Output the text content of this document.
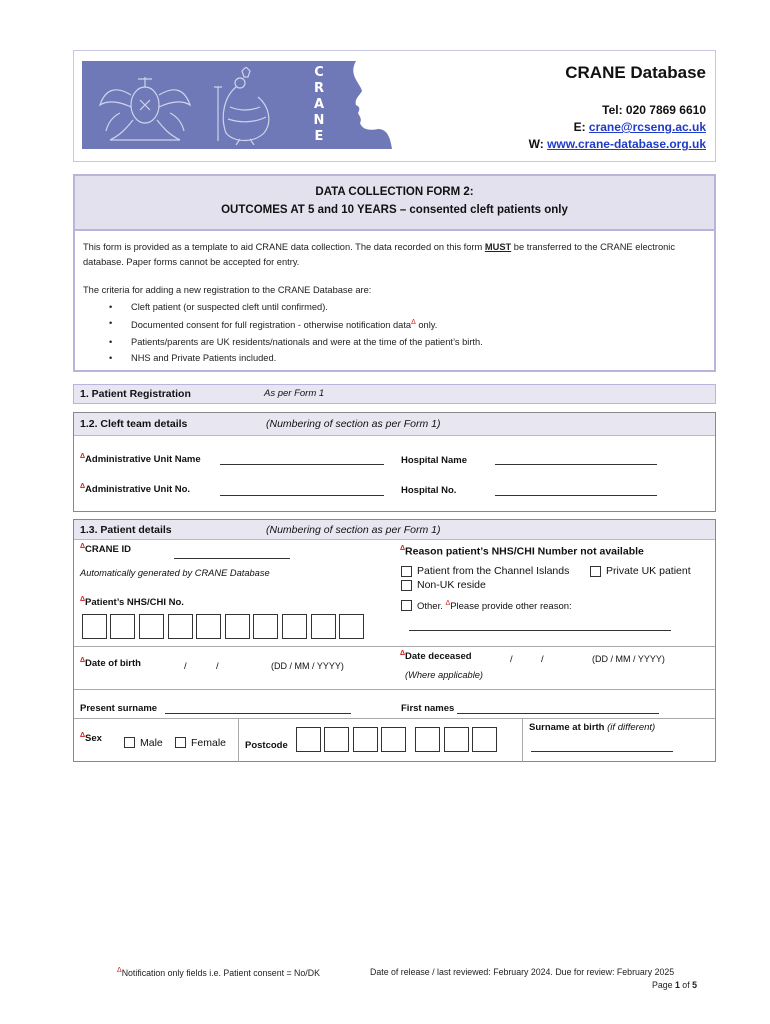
C
R
A
N
E
CRANE Database
Tel: 020 7869 6610
E: crane@rcseng.ac.uk
W: www.crane-database.org.uk
DATA COLLECTION FORM 2:
OUTCOMES AT 5 and 10 YEARS – consented cleft patients only

This form is provided as a template to aid CRANE data collection. The data recorded on this form MUST be transferred to the CRANE electronic database. Paper forms cannot be accepted for entry.

The criteria for adding a new registration to the CRANE Database are:

• Cleft patient (or suspected cleft until confirmed).
• Documented consent for full registration - otherwise notification data$^\Delta$ only.
• Patients/parents are UK residents/nationals and were at the time of the patient’s birth.
• NHS and Private Patients included.
1. Patient Registration	As per Form 1
1.2. Cleft team details	(Numbering of section as per Form 1)
$^\Delta$Administrative Unit Name	Hospital Name
$^\Delta$Administrative Unit No.	Hospital No.
1.3. Patient details	(Numbering of section as per Form 1)
$^\Delta$CRANE ID
Automatically generated by CRANE Database
$^\Delta$Reason patient’s NHS/CHI Number not available
Patient from the Channel Islands	Private UK patient
Non-UK reside
Other. $^\Delta$Please provide other reason:
$^\Delta$Patient’s NHS/CHI No.
$^\Delta$Date of birth	/	/	(DD / MM / YYYY)
$^\Delta$Date deceased	/	/	(DD / MM / YYYY)
(Where applicable)
Present surname	First names
$^\Delta$Sex	Male	Female Postcode
Surname at birth (if different)
$^\Delta$Notification only fields i.e. Patient consent = No/DK	Date of release / last reviewed: February 2024. Due for review: February 2025
Page 1 of 5
